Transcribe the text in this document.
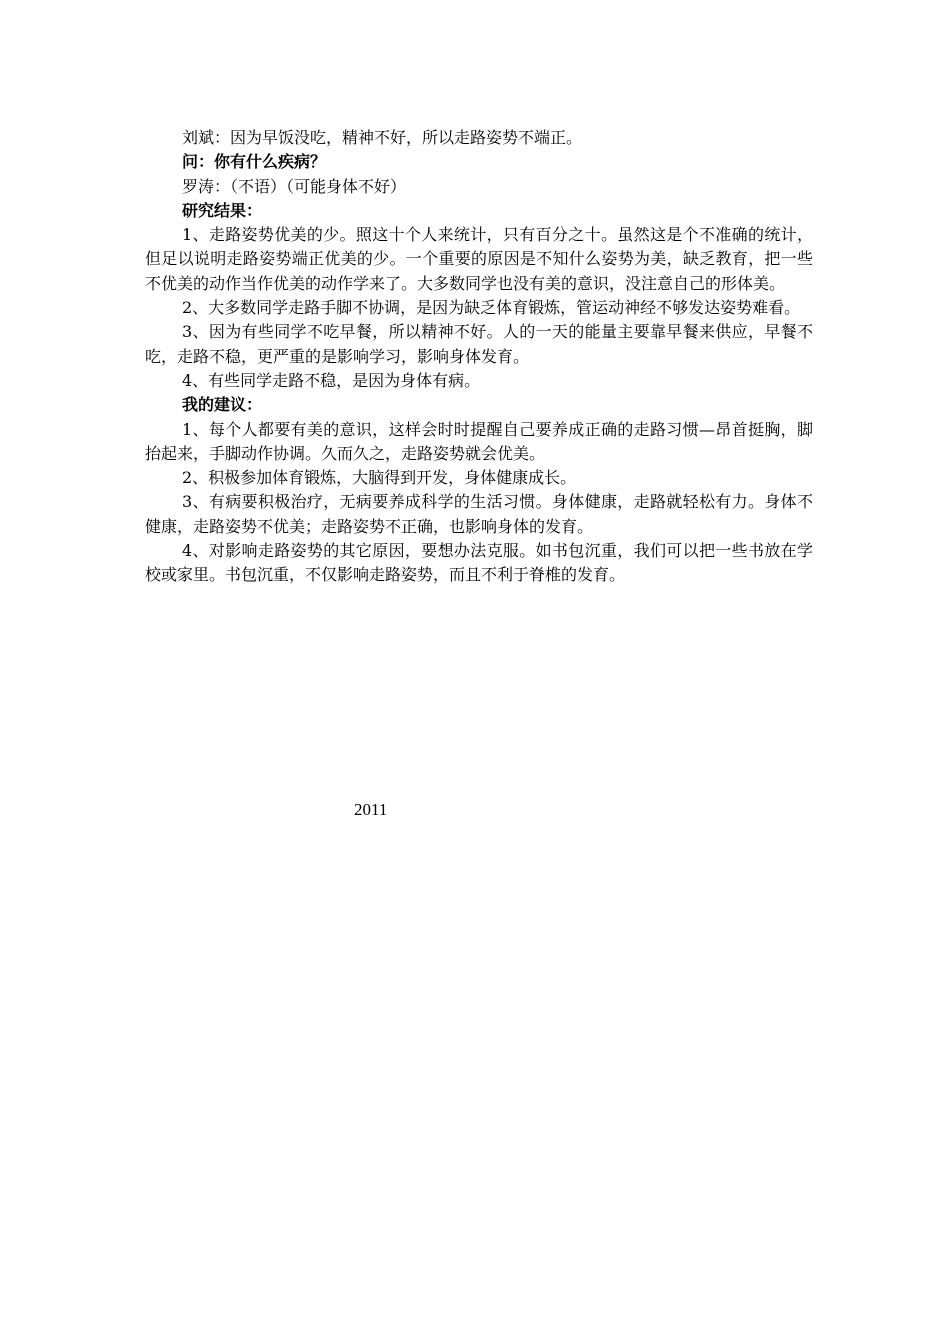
刘斌：因为早饭没吃，精神不好，所以走路姿势不端正。

问：你有什么疾病？

罗涛：（不语）（可能身体不好）

研究结果：

1、走路姿势优美的少。照这十个人来统计，只有百分之十。虽然这是个不准确的统计，但足以说明走路姿势端正优美的少。一个重要的原因是不知什么姿势为美，缺乏教育，把一些不优美的动作当作优美的动作学来了。大多数同学也没有美的意识，没注意自己的形体美。

2、大多数同学走路手脚不协调，是因为缺乏体育锻炼，管运动神经不够发达姿势难看。

3、因为有些同学不吃早餐，所以精神不好。人的一天的能量主要靠早餐来供应，早餐不吃，走路不稳，更严重的是影响学习，影响身体发育。

4、有些同学走路不稳，是因为身体有病。

我的建议：

1、每个人都要有美的意识，这样会时时提醒自己要养成正确的走路习惯—昂首挺胸，脚抬起来，手脚动作协调。久而久之，走路姿势就会优美。

2、积极参加体育锻炼，大脑得到开发，身体健康成长。

3、有病要积极治疗，无病要养成科学的生活习惯。身体健康，走路就轻松有力。身体不健康，走路姿势不优美；走路姿势不正确，也影响身体的发育。

4、对影响走路姿势的其它原因，要想办法克服。如书包沉重，我们可以把一些书放在学校或家里。书包沉重，不仅影响走路姿势，而且不利于脊椎的发育。

2011
